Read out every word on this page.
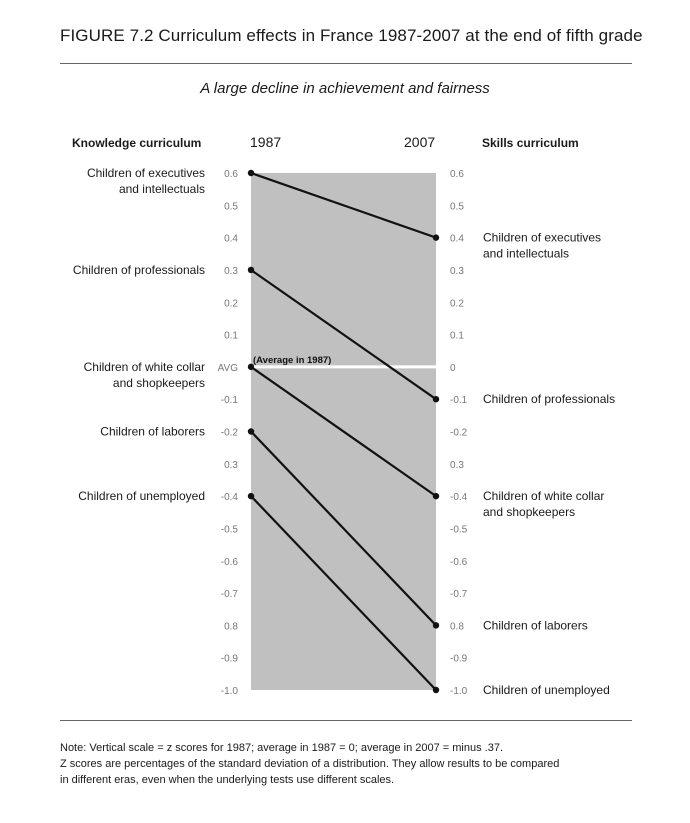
FIGURE 7.2 Curriculum effects in France 1987-2007 at the end of fifth grade
A large decline in achievement and fairness
Knowledge curriculum	Skills curriculum
1987	2007
(Average in 1987)
0.6	0.6
0.5	0.5
0.4	0.4
0.3	0.3
0.2	0.2
0.1	0.1
AVG	0
-0.1	-0.1
-0.2	-0.2
0.3	0.3
-0.4	-0.4
-0.5	-0.5
-0.6	-0.6
-0.7	-0.7
0.8	0.8
-0.9	-0.9
-1.0	-1.0
Children of executives
and intellectuals
Children of executives
and intellectuals
Children of professionals
Children of professionals
Children of white collar
and shopkeepers
Children of white collar
and shopkeepers
Children of laborers
Children of laborers
Children of unemployed
Children of unemployed
Note: Vertical scale = z scores for 1987; average in 1987 = 0; average in 2007 = minus .37.
Z scores are percentages of the standard deviation of a distribution. They allow results to be compared
in different eras, even when the underlying tests use different scales.
